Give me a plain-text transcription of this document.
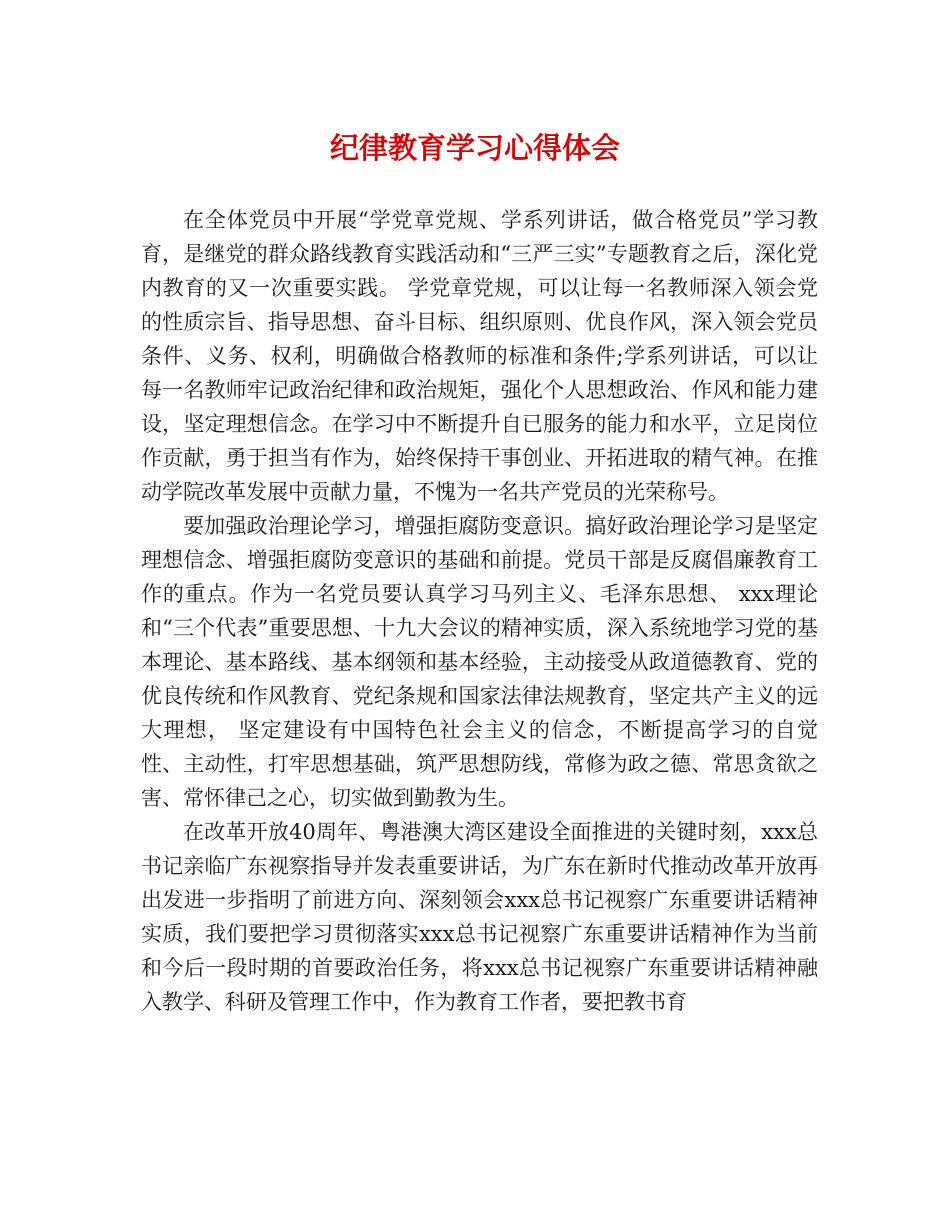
纪律教育学习心得体会

在全体党员中开展“学党章党规、学系列讲话，做合格党员”学习教育，是继党的群众路线教育实践活动和“三严三实”专题教育之后，深化党内教育的又一次重要实践。 学党章党规，可以让每一名教师深入领会党的性质宗旨、指导思想、奋斗目标、组织原则、优良作风，深入领会党员条件、义务、权利，明确做合格教师的标准和条件;学系列讲话，可以让每一名教师牢记政治纪律和政治规矩，强化个人思想政治、作风和能力建设，坚定理想信念。在学习中不断提升自已服务的能力和水平，立足岗位作贡献，勇于担当有作为，始终保持干事创业、开拓进取的精气神。在推动学院改革发展中贡献力量，不愧为一名共产党员的光荣称号。

要加强政治理论学习，增强拒腐防变意识。搞好政治理论学习是坚定理想信念、增强拒腐防变意识的基础和前提。党员干部是反腐倡廉教育工作的重点。作为一名党员要认真学习马列主义、毛泽东思想、 xxx理论和“三个代表”重要思想、十九大会议的精神实质，深入系统地学习党的基本理论、基本路线、基本纲领和基本经验，主动接受从政道德教育、党的优良传统和作风教育、党纪条规和国家法律法规教育，坚定共产主义的远大理想， 坚定建设有中国特色社会主义的信念，不断提高学习的自觉性、主动性，打牢思想基础，筑严思想防线，常修为政之德、常思贪欲之害、常怀律己之心，切实做到勤教为生。

在改革开放40周年、粤港澳大湾区建设全面推进的关键时刻，xxx总书记亲临广东视察指导并发表重要讲话，为广东在新时代推动改革开放再出发进一步指明了前进方向、深刻领会xxx总书记视察广东重要讲话精神实质，我们要把学习贯彻落实xxx总书记视察广东重要讲话精神作为当前和今后一段时期的首要政治任务，将xxx总书记视察广东重要讲话精神融入教学、科研及管理工作中，作为教育工作者，要把教书育
